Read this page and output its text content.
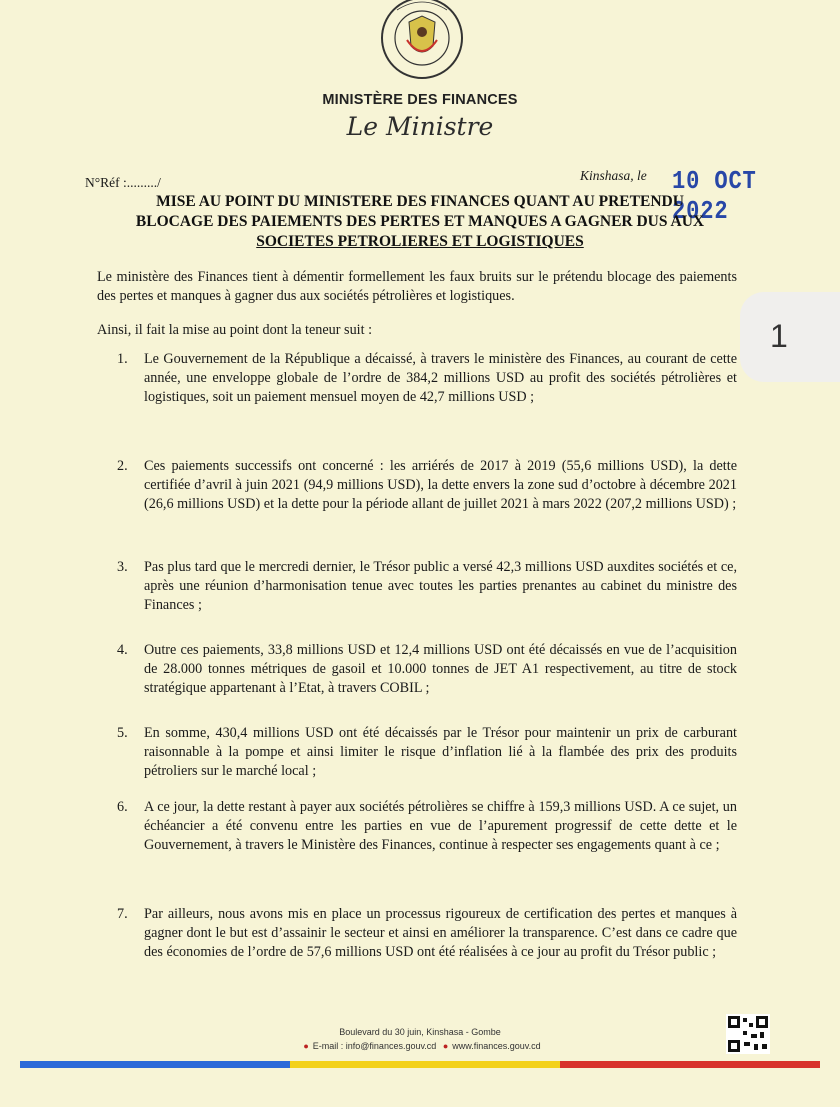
MINISTÈRE DES FINANCES
Le Ministre
N°Réf :........./	Kinshasa, le 10 OCT 2022
MISE AU POINT DU MINISTERE DES FINANCES QUANT AU PRETENDU
BLOCAGE DES PAIEMENTS DES PERTES ET MANQUES A GAGNER DUS AUX
SOCIETES PETROLIERES ET LOGISTIQUES
Le ministère des Finances tient à démentir formellement les faux bruits sur le prétendu blocage des paiements des pertes et manques à gagner dus aux sociétés pétrolières et logistiques.
Ainsi, il fait la mise au point dont la teneur suit :
1.	Le Gouvernement de la République a décaissé, à travers le ministère des Finances, au courant de cette année, une enveloppe globale de l’ordre de 384,2 millions USD au profit des sociétés pétrolières et logistiques, soit un paiement mensuel moyen de 42,7 millions USD ;
2.	Ces paiements successifs ont concerné : les arriérés de 2017 à 2019 (55,6 millions USD), la dette certifiée d’avril à juin 2021 (94,9 millions USD), la dette envers la zone sud d’octobre à décembre 2021 (26,6 millions USD) et la dette pour la période allant de juillet 2021 à mars 2022 (207,2 millions USD) ;
3.	Pas plus tard que le mercredi dernier, le Trésor public a versé 42,3 millions USD auxdites sociétés et ce, après une réunion d’harmonisation tenue avec toutes les parties prenantes au cabinet du ministre des Finances ;
4.	Outre ces paiements, 33,8 millions USD et 12,4 millions USD ont été décaissés en vue de l’acquisition de 28.000 tonnes métriques de gasoil et 10.000 tonnes de JET A1 respectivement, au titre de stock stratégique appartenant à l’Etat, à travers COBIL ;
5.	En somme, 430,4 millions USD ont été décaissés par le Trésor pour maintenir un prix de carburant raisonnable à la pompe et ainsi limiter le risque d’inflation lié à la flambée des prix des produits pétroliers sur le marché local ;
6.	A ce jour, la dette restant à payer aux sociétés pétrolières se chiffre à 159,3 millions USD. A ce sujet, un échéancier a été convenu entre les parties en vue de l’apurement progressif de cette dette et le Gouvernement, à travers le Ministère des Finances, continue à respecter ses engagements quant à ce ;
7.	Par ailleurs, nous avons mis en place un processus rigoureux de certification des pertes et manques à gagner dont le but est d’assainir le secteur et ainsi en améliorer la transparence. C’est dans ce cadre que des économies de l’ordre de 57,6 millions USD ont été réalisées à ce jour au profit du Trésor public ;
1
Boulevard du 30 juin, Kinshasa - Gombe
● E-mail : info@finances.gouv.cd ● www.finances.gouv.cd
